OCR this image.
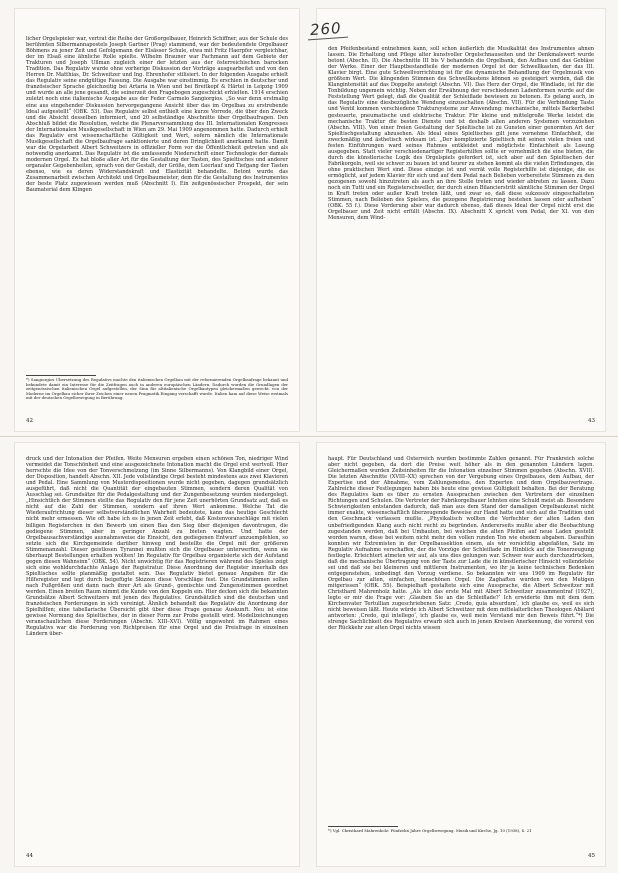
licher Orgelspieler war, vertrat die Reihe der Großorgelbauer, Heinrich Schiffner, aus der Schule des berühmten Silbermannapostels Joseph Gartner (Prag) stammend, war der bedeutendste Orgelbauer Böhmens zu jener Zeit und Gefolgsmann der Elsässer Schule, etwa mit Fritz Haerpfer vergleichbar, der im Elsaß eine ähnliche Rolle spielte. Wilhelm Brauner war Fachmann auf dem Gebiete der Trakturen und Joseph Ullman zugleich einer der letzten aus der österreichischen barocken Tradition. Das Regulativ wurde ohne vorherige Diskussion der Vorträge ausgearbeitet und von den Herren Dr. Matthias, Dr. Schweitzer und Ing. Ehrenhofer stilisiert. In der folgenden Ausgabe erhielt das Regulativ seine endgültige Fassung. Die Ausgabe war einstimmig. Es erschien in deutscher und französischer Sprache gleichzeitig bei Artaria in Wien und bei Breitkopf & Härtel in Leipzig 1909 und wurde an alle jene gesandt, die seinerzeit den Fragebogen zugeschickt erhielten. 1914 erschien zuletzt noch eine italienische Ausgabe aus der Feder Carmelo Sangiorgios. „So war denn erstmalig eine aus eingehender Diskussion hervorgegangene Ansicht über das im Orgelbau zu erstrebende Ideal aufgestellt“ (OBK. 53). Das Regulativ selbst enthielt eine kurze Vorrede, die über den Zweck und die Absicht desselben informiert, und 20 selbständige Abschnitte über Orgelbaufragen. Den Abschluß bildet die Resolution, welche die Plenarversammlung des III. Internationalen Kongresses der Internationalen Musikgesellschaft in Wien am 29. Mai 1909 angenommen hatte. Dadurch erhielt das Regulativ erst wissenschaftliche Gültigkeit und Wert, sofern nämlich die Internationale Musikgesellschaft die Orgelbaufrage sanktionierte und deren Dringlichkeit anerkannt hatte. Damit war die Orgelarbeit Albert Schweitzers in offizieller Form vor die Öffentlichkeit getreten und als notwendig anerkannt. Das Regulativ ist die umfassende Niederschrift einer Technologie der damals modernen Orgel. Es hat bloße aller Art für die Gestaltung der Tasten, des Spieltisches und anderer organaler Gegebenheiten, sprach von der Gestalt, der Größe, dem Leerlauf und Tiefgang der Tasten ebenso, wie es deren Widerstandskraft und Elastizität behandelte. Betont wurde das Zusammenarbeit zwischen Architekt und Orgelbaumeister, dem für die Gestaltung des Instrumentes der beste Platz zugewiesen werden muß (Abschnitt I). Ein zeitgenössischer Prospekt, der sein Baumaterial dem Klingen
*) Sangiorgios Übersetzung des Regulativs machte den italienischen Orgelbau mit der reformierenden Orgelbaufrage bekannt und bekundete damit ein Interesse für die Zeitfragen auch in anderen europäischen Ländern. Dadurch wurden die Grundlagen der zeitgenössischen italienischen Orgel aufgestellen, der Sinn für altitalienische Orgelbautypen gleichermaßen geweckt, von der Moderne im Orgelbau sicher ihrer Zeichen einer neuen Pragmatik Eingang verschafft wurde. Italien kam auf diese Weise erstmals mit der deutschen Orgelbewegung in Berührung.
42
260
den Pfeifenbestand entnehmen kann, soll schon äußerlich die Musikalität des Instrumentes ahnen lassen. Die Erhaltung und Pflege alter kunstvoller Orgelschnauseiten und ihr Denkmalswert wurde betont (Abschn. II). Die Abschnitte III bis V behandeln die Orgelbank, den Aufbau und das Gebläse der Werke. Einer der Hauptbestandteile der modernen Orgel ist der Schwellkasten, der das III. Klavier birgt. Eine gute Schwellvorrichtung ist für die dynamische Behandlung der Orgelmusik von größtem Wert. Die klingenden Stimmen des Schwellkastens können so gesteigert werden, daß die Klangintensität auf das Doppelte ansteigt (Abschn. VI). Das Herz der Orgel, die Windlade, ist für die Tonbildung ungemein wichtig. Neben der Erwähnung der verschiedenen Ladenformen wurde auf die Feststellung Wert gelegt, daß die Qualität der Schleiflade bewiesen zu betonen. Es gelang auch, in das Regulativ eine diesbezügliche Wendung einzuschalten (Abschn. VII). Für die Verbindung Taste und Ventil kommen verschiedene Traktursysteme zur Anwendung: mechanische, mittels Barkerhebel gesteuerte, pneumatische und elektrische Traktur. Für kleine und mittelgroße Werke leistet die mechanische Traktur die besten Dienste und ist deshalb allen anderen Systemen vorzuziehen (Abschn. VIII). Von einer freien Gestaltung der Spieltische ist zu Gunsten einer genormten Art der Spieltischgestaltung abzusehen. Als Ideal eines Spieltisches gilt jene vornehme Einfachheit, die zweckmäßig und ästhetisch wirksam ist. „Der komplizierte Spieltisch mit seinen vielen freien und festen Einführungen ward seines Ruhmes entkleidet und möglichste Einfachheit als Losung ausgegeben. Statt vieler verschiedenartiger Registerhilfen sollte er vornehmlich die eine bieten, die durch die künstlerische Logik des Orgelspiels gefordert ist, sich aber auf den Spieltischen der Fabrikorgeln, weil sie schwer zu bauen ist und teurer zu stehen kommt als die vielen Erfindungen, die ohne praktischen Wert sind. Diese einzige ist und verrät volle Registerhilfe ist diejenige, die es ermöglicht, auf jedem Klavier für sich und auf dem Pedal nach Belieben vorbereitete Stimmen zu den gezogenen sowohl hinzutreten als auch an ihre Stelle treten und wieder abtreten zu lassen. Dazu noch ein Tutti und ein Registerschweller, der durch einen Bilancierstritt sämtliche Stimmen der Orgel in Kraft treten oder außer Kraft treten läßt, und zwar so, daß diese sukzessiv eingeschalteten Stimmen, nach Belieben des Spielers, die gezogene Registrierung bestehen lassen oder aufheben“ (OBK. 55 f.). Diese Vorderung aber war dadurch ebenso, daß dieses Ideal der Orgel nicht erst die Orgelbauer und Zeit nicht erfüllt (Abschn. IX). Abschnitt X spricht vom Pedal, der XI. von den Mensuren, dem Wind-
43
druck und der Intonation der Pfeifen. Weite Mensuren ergeben einen schönen Ton, niedriger Wind vermeidet die Tonschönheit und eine ausgezeichnete Intonation macht die Orgel erst wertvoll. Hier herrschte die Idee von der Tonverschmelzung (im Sinne Silbermanns). Von Klangbild einer Orgel, der Disposition, handelt Abschn. XII. Jede vollständige Orgel besteht mindestens aus zwei Klavieren und Pedal. Eine Sammlung von Musterdispositionen wurde nicht gegeben, dagegen grundsätzlich ausgeführt, daß nicht die Quantität der eingebauten Stimmen, sondern deren Qualität von Ausschlag sei. Grundsätze für die Pedalgestaltung und der Zungenbesetzung wurden niedergelegt. „Hinsichtlich der Stimmen stellte das Regulativ den für jene Zeit unerhörten Grundsatz auf, daß es nicht auf die Zahl der Stimmen, sondern auf ihren Wert ankomme. Welche Tat die Wiederaufrichtung dieser selbstverständlichen Wahrheit bedeutete, kann das heutige Geschlecht nicht mehr ermessen. Wie oft habe ich es in jenen Zeit erlebt, daß Kostenvoranschläge mit vielen billigen Registerchen in den Bewerb um einen Bau den Sieg über diejenigen davontrugen, die gediegene Stimmen, aber in geringer Anzahl zu bieten wagten. Und hatte der Orgelbausachverständige ausnahmsweise die Einsicht, den gediegenen Entwurf anzuempfehlen, so setzte sich die Kirchgemeinde darüber hinweg und bestellte die Orgel mit der größeren Stimmenanzahl. Dieser geistlosen Tyrannei mußten sich die Orgelbauer unterwerfen, wenn sie überhaupt Bestellungen erhalten wollten! Im Regulativ für Orgelbau organisierte sich der Aufstand gegen diesen Wahnsinn“ (OBK. 54). Nicht unwichtig für das Registrieren während des Spieles zeigt sich eine wohldurchdachte Anlage der Registratur. Diese Anordnung der Register innerhalb des Spieltisches sollte planmäßig gestaltet sein. Das Regulativ bietet genaue Angaben für die Hilfsregister und legt durch beigefügte Skizzen diese Vorschläge fest. Die Grundstimmen sollen nach Fußgrößen und dann nach ihrer Art als Grund-, gemischte und Zungenstimmen geordnet werden. Einen breiten Raum nimmt die Kunde von den Koppeln ein. Hier decken sich die bekannten Grundsätze Albert Schweitzers mit jenen des Regulativs. Grundsätzlich sind die deutschen und französischen Forderungen in sich vereinigt. Ähnlich behandelt das Regulativ die Anordnung der Spielhilfen; eine tabellarische Übersicht gibt über diese Frage genaue Auskunft. Neu ist eine gewisse Normung des Spieltisches, der in dieser Form zur Probe gestellt wird. Modellzeichnungen veranschaulichen diese Forderungen (Abschn. XIII–XVI). Völlig ungewohnt im Rahmen eines Regulativs war die Forderung von Richtpreisen für eine Orgel und die Preisfrage in einzelnen Ländern über-
44
haupt. Für Deutschland und Österreich wurden bestimmte Zahlen genannt. Für Frankreich solche aber nicht gegeben, da dort die Preise weit höher als in den genannten Ländern lagen. Gleichermaßen wurden Zeiteinheiten für die Intonation einzelner Stimmen gegeben (Abschn. XVII). Die letzten Abschnitte (XVIII–XX) sprechen von der Vergebung eines Orgelbaues, dem Aufbau, der Expertise und der Abnahme, vom Zahlungsmodus, den Experten und dem Orgelbauvertrage. Zahlreiche dieser Festlegungen haben bis heute eine gewisse Gültigkeit behalten. Bei der Beratung des Regulativs kam es über zu ernsten Aussprachen zwischen den Vertretern der einzelnen Richtungen und Schulen. Die Vertreter der Fabrikorgelbauer lehnten eine Schuld meist ab. Besondere Schwierigkeiten entstanden dadurch, daß man aus dem Stand der damaligen Orgelbaukunst nicht immer exakte, wissenschaftlich überzeugende Beweise zur Hand hatte und sich auf die Tradition und den Geschmack verlassen mußte. „Physikalisch wollten die Verfechter der alten Laden den unbefriedigenden Klang auch nicht recht zu begründen. Andererseits mußte aber die Beobachtung zugestanden werden, daß bei Umbauten, bei welchen die alten Pfeifen auf neue Laden gestellt worden waren, diese bei weitem nicht mehr den vollen runden Ton wie ehedem abgaben. Daraufhin konnten wir Extremisten in der Orgelbausektion einem, als wir vorsichtig abgefaßten, Satz im Regulativ Aufnahme verschaffen, der die Vorzüge der Schleiflade im Hinblick auf die Tonerzeugung festlegte. Erleichtert atmeten wir auf, als uns dies gelungen war. Schwer war auch durchzudrücken, daß die mechanische Übertragung von der Taste zur Lade die in künstlerischer Hinsicht vollendetste sei und daß sie bei kleineren und mittleren Instrumenten, wo ihr ja keine technischen Bedenken entgegenstehen, unbedingt den Vorzug verdiene. So bekannten wir uns 1909 im Regulativ für Orgelbau zur alten, einfachen, tonschönen Orgel. Die Zaghaften wurden von den Mutigen mitgerissen“ (OBK. 55). Beispielhaft gestaltete sich eine Aussprache, die Albert Schweitzer mit Christhard Mahrenholz hatte. „Als ich das erste Mal mit Albert Schweitzer zusammentraf (1927), legte er mir die Frage vor: ‚Glauben Sie an die Schleiflade?‘ Ich erwiderte ihm mit dem dem Kirchenvater Tertullian zugeschriebenen Satz: ‚Credo, quia absurdum‘, ich glaube es, weil es sich nicht beweisen läßt. Heute würde ich Albert Schweitzer mit dem mittelalterlichen Theologen Abälard antworten: ‚Credo, qui intellego‘, ich glaube es, weil mein Verstand mir den Beweis führt.“*) Die strenge Sachlichkeit des Regulativs erwarb sich auch in jenen Kreisen Anerkennung, die vorerst von der Rückkehr zur alten Orgel nichts wissen
*) Vgl. Christhard Mahrenholz: Fünfzehn Jahre Orgelbewegung. Musik und Kirche, Jg. 10 (1938), S. 21
45
